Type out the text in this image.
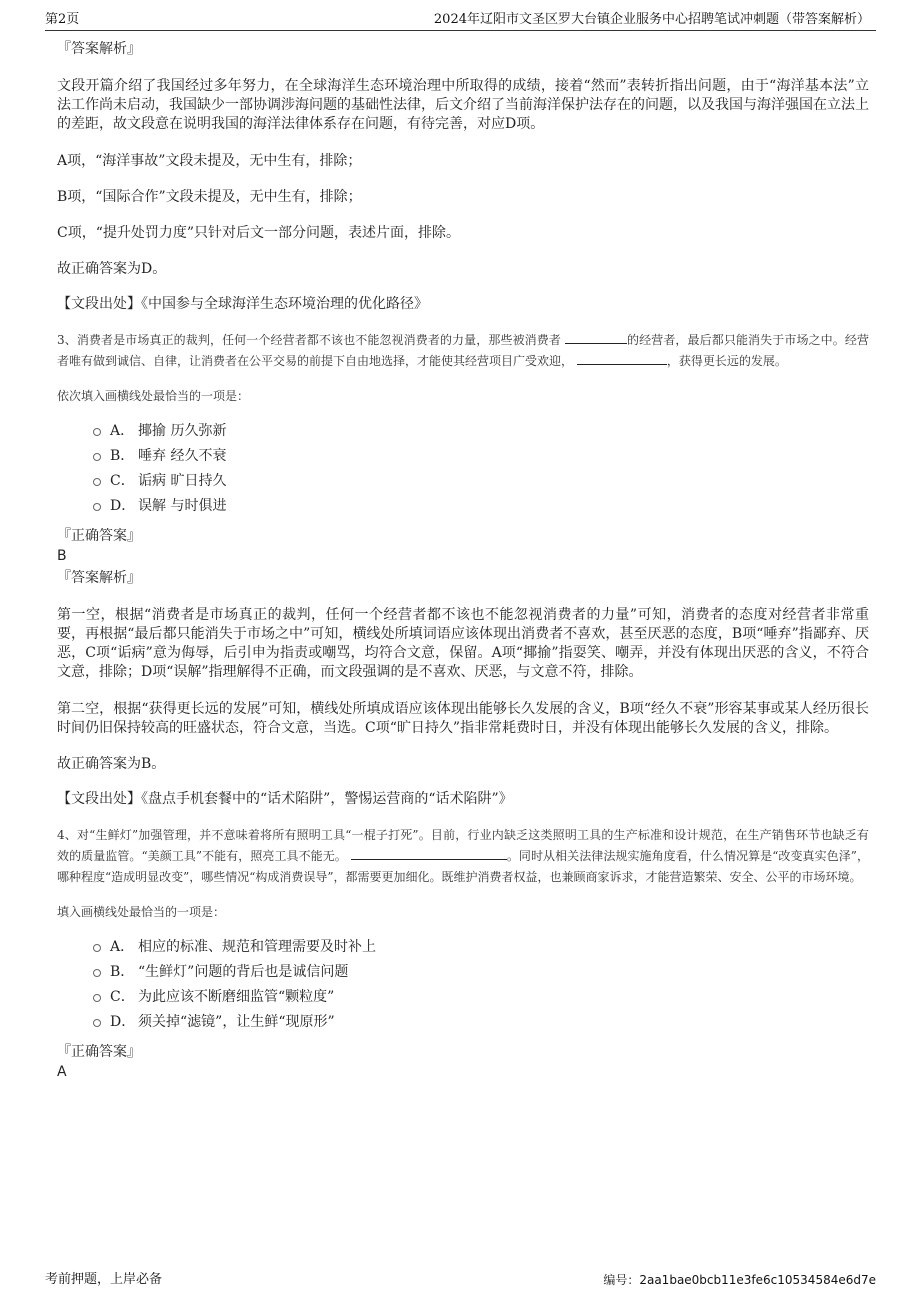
第2页	2024年辽阳市文圣区罗大台镇企业服务中心招聘笔试冲刺题（带答案解析）

『答案解析』

文段开篇介绍了我国经过多年努力，在全球海洋生态环境治理中所取得的成绩，接着“然而”表转折指出问题，由于“海洋基本法”立法工作尚未启动，我国缺少一部协调涉海问题的基础性法律，后文介绍了当前海洋保护法存在的问题，以及我国与海洋强国在立法上的差距，故文段意在说明我国的海洋法律体系存在问题，有待完善，对应D项。

A项，“海洋事故”文段未提及，无中生有，排除；

B项，“国际合作”文段未提及，无中生有，排除；

C项，“提升处罚力度”只针对后文一部分问题，表述片面，排除。

故正确答案为D。

【文段出处】《中国参与全球海洋生态环境治理的优化路径》

3、消费者是市场真正的裁判，任何一个经营者都不该也不能忽视消费者的力量，那些被消费者	的经营者，最后都只能消失于市场之中。经营者唯有做到诚信、自律，让消费者在公平交易的前提下自由地选择，才能使其经营项目广受欢迎，	，获得更长远的发展。

依次填入画横线处最恰当的一项是：

A． 揶揄 历久弥新
B． 唾弃 经久不衰
C． 诟病 旷日持久
D． 误解 与时俱进

『正确答案』

B

『答案解析』

第一空，根据“消费者是市场真正的裁判，任何一个经营者都不该也不能忽视消费者的力量”可知，消费者的态度对经营者非常重要，再根据“最后都只能消失于市场之中”可知，横线处所填词语应该体现出消费者不喜欢，甚至厌恶的态度，B项“唾弃”指鄙弃、厌恶，C项“诟病”意为侮辱，后引申为指责或嘲骂，均符合文意，保留。A项“揶揄”指耍笑、嘲弄，并没有体现出厌恶的含义，不符合文意，排除；D项“误解”指理解得不正确，而文段强调的是不喜欢、厌恶，与文意不符，排除。

第二空，根据“获得更长远的发展”可知，横线处所填成语应该体现出能够长久发展的含义，B项“经久不衰”形容某事或某人经历很长时间仍旧保持较高的旺盛状态，符合文意，当选。C项“旷日持久”指非常耗费时日，并没有体现出能够长久发展的含义，排除。

故正确答案为B。

【文段出处】《盘点手机套餐中的“话术陷阱”，警惕运营商的“话术陷阱”》

4、对“生鲜灯”加强管理，并不意味着将所有照明工具“一棍子打死”。目前，行业内缺乏这类照明工具的生产标准和设计规范，在生产销售环节也缺乏有效的质量监管。“美颜工具”不能有，照亮工具不能无。	。同时从相关法律法规实施角度看，什么情况算是“改变真实色泽”，哪种程度“造成明显改变”，哪些情况“构成消费误导”，都需要更加细化。既维护消费者权益，也兼顾商家诉求，才能营造繁荣、安全、公平的市场环境。

填入画横线处最恰当的一项是：

A． 相应的标准、规范和管理需要及时补上
B． “生鲜灯”问题的背后也是诚信问题
C． 为此应该不断磨细监管“颗粒度”
D． 须关掉“滤镜”，让生鲜“现原形”

『正确答案』

A

考前押题，上岸必备	编号：2aa1bae0bcb11e3fe6c10534584e6d7e
